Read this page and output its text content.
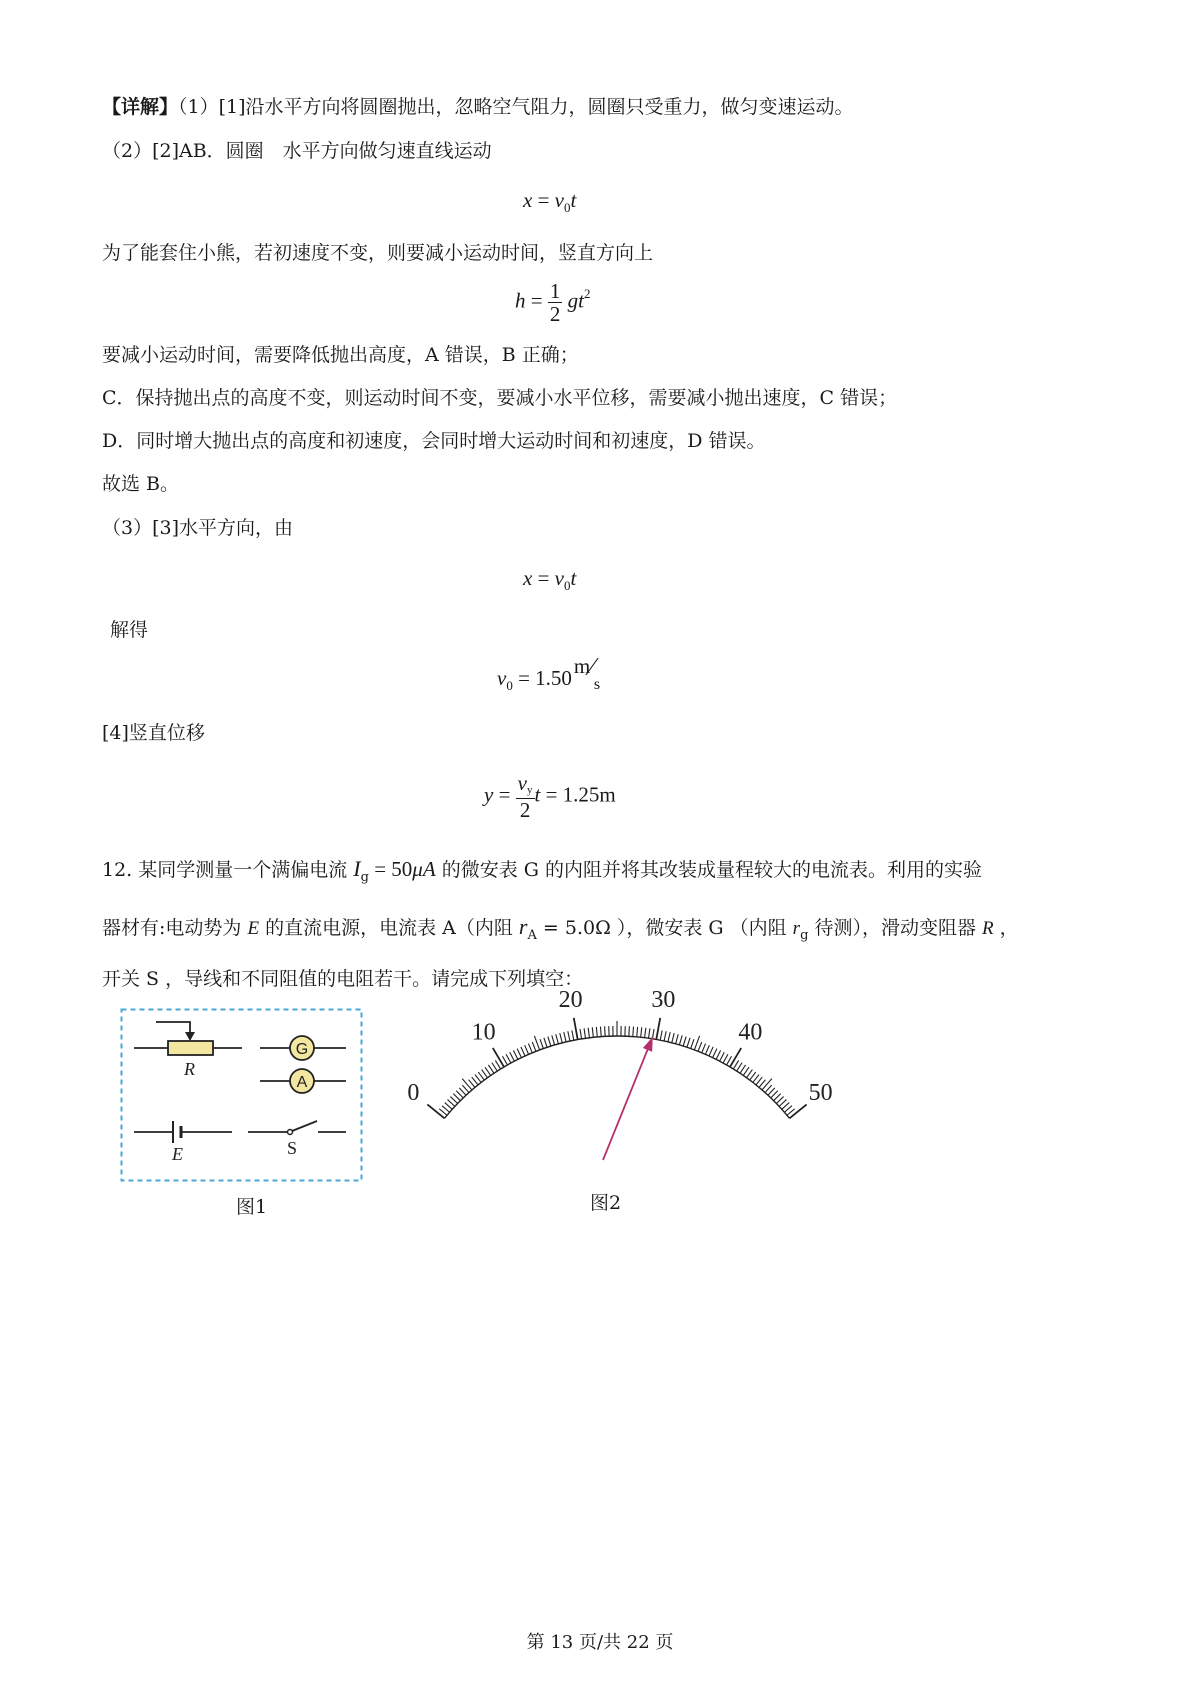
【详解】（1）[1]沿水平方向将圆圈抛出，忽略空气阻力，圆圈只受重力，做匀变速运动。
（2）[2]AB．圆圈　水平方向做匀速直线运动
$x = v_0t$
为了能套住小熊，若初速度不变，则要减小运动时间，竖直方向上
$h = \frac{1}{2} gt^2$
要减小运动时间，需要降低抛出高度，A 错误，B 正确；
C．保持抛出点的高度不变，则运动时间不变，要减小水平位移，需要减小抛出速度，C 错误；
D．同时增大抛出点的高度和初速度，会同时增大运动时间和初速度，D 错误。
故选 B。
（3）[3]水平方向，由
$x = v_0t$
解得
$v_0 = 1.50$ m ∕
s
[4]竖直位移
$y = \frac{vy}{2}$ t = 1.25m
12. 某同学测量一个满偏电流 $I_g = 50\mu A$ 的微安表 G 的内阻并将其改装成量程较大的电流表。利用的实验
器材有:电动势为 E 的直流电源，电流表 A（内阻 $r_A = 5.0\Omega$ ），微安表 G （内阻 $r_g$ 待测），滑动变阻器 R ，
开关 S ，导线和不同阻值的电阻若干。请完成下列填空：
R
G
A
E	S
图1
0
10
20	30
40
50
图2
第 13 页/共 22 页
